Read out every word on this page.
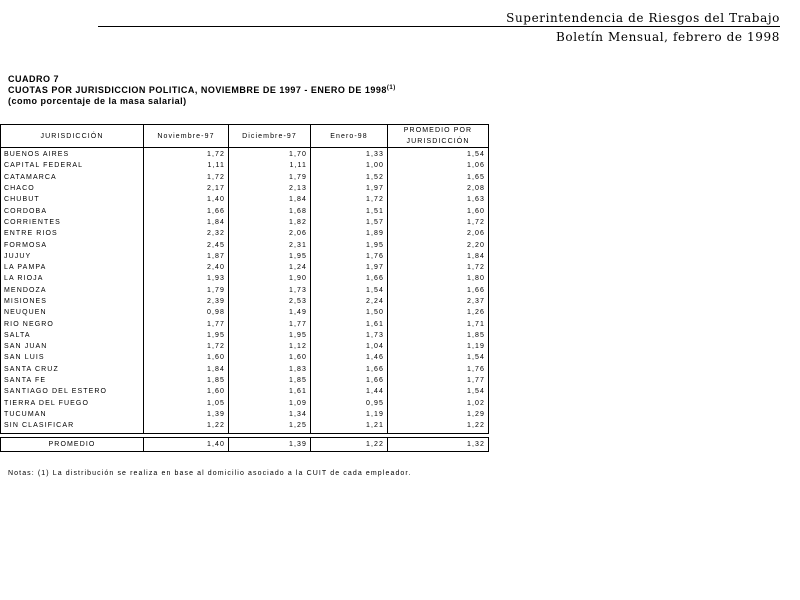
Superintendencia de Riesgos del Trabajo
Boletín Mensual, febrero de 1998
CUADRO 7
CUOTAS POR JURISDICCION POLITICA, NOVIEMBRE DE 1997 - ENERO DE 1998$^{(1)}$
(como porcentaje de la masa salarial)
JURISDICCIÓN	Noviembre-97	Diciembre-97	Enero-98	PROMEDIO POR JURISDICCIÓN
BUENOS AIRES	1,72	1,70	1,33	1,54
CAPITAL FEDERAL	1,11	1,11	1,00	1,06
CATAMARCA	1,72	1,79	1,52	1,65
CHACO	2,17	2,13	1,97	2,08
CHUBUT	1,40	1,84	1,72	1,63
CORDOBA	1,66	1,68	1,51	1,60
CORRIENTES	1,84	1,82	1,57	1,72
ENTRE RIOS	2,32	2,06	1,89	2,06
FORMOSA	2,45	2,31	1,95	2,20
JUJUY	1,87	1,95	1,76	1,84
LA PAMPA	2,40	1,24	1,97	1,72
LA RIOJA	1,93	1,90	1,66	1,80
MENDOZA	1,79	1,73	1,54	1,66
MISIONES	2,39	2,53	2,24	2,37
NEUQUEN	0,98	1,49	1,50	1,26
RIO NEGRO	1,77	1,77	1,61	1,71
SALTA	1,95	1,95	1,73	1,85
SAN JUAN	1,72	1,12	1,04	1,19
SAN LUIS	1,60	1,60	1,46	1,54
SANTA CRUZ	1,84	1,83	1,66	1,76
SANTA FE	1,85	1,85	1,66	1,77
SANTIAGO DEL ESTERO	1,60	1,61	1,44	1,54
TIERRA DEL FUEGO	1,05	1,09	0,95	1,02
TUCUMAN	1,39	1,34	1,19	1,29
SIN CLASIFICAR	1,22	1,25	1,21	1,22

PROMEDIO	1,40	1,39	1,22	1,32
Notas: (1) La distribución se realiza en base al domicilio asociado a la CUIT de cada empleador.
